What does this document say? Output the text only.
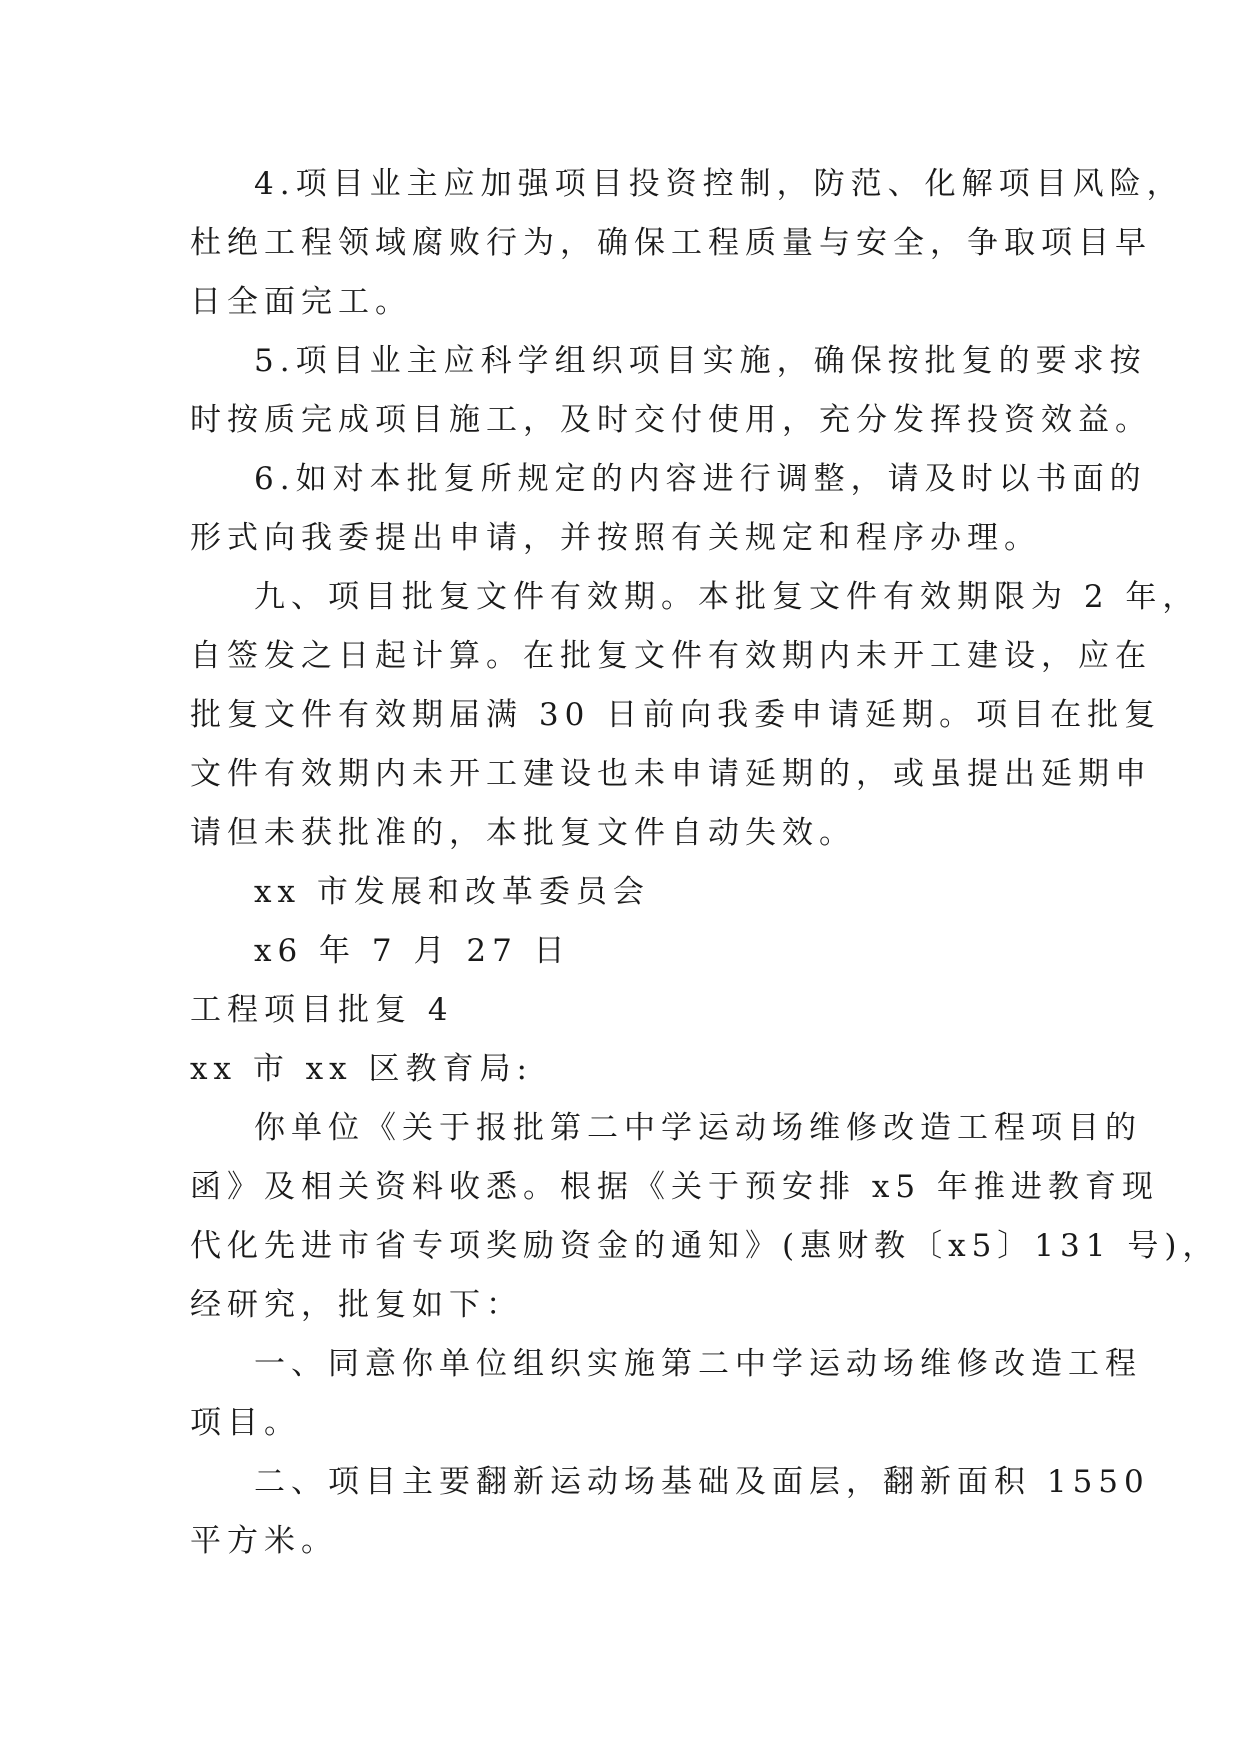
4.项目业主应加强项目投资控制，防范、化解项目风险，
杜绝工程领域腐败行为，确保工程质量与安全，争取项目早
日全面完工。
5.项目业主应科学组织项目实施，确保按批复的要求按
时按质完成项目施工，及时交付使用，充分发挥投资效益。
6.如对本批复所规定的内容进行调整，请及时以书面的
形式向我委提出申请，并按照有关规定和程序办理。
九、项目批复文件有效期。本批复文件有效期限为 2 年，
自签发之日起计算。在批复文件有效期内未开工建设，应在
批复文件有效期届满 30 日前向我委申请延期。项目在批复
文件有效期内未开工建设也未申请延期的，或虽提出延期申
请但未获批准的，本批复文件自动失效。
xx 市发展和改革委员会
x6 年 7 月 27 日
工程项目批复 4
xx 市 xx 区教育局:
你单位《关于报批第二中学运动场维修改造工程项目的
函》及相关资料收悉。根据《关于预安排 x5 年推进教育现
代化先进市省专项奖励资金的通知》(惠财教〔x5〕131 号)，
经研究，批复如下：
一、同意你单位组织实施第二中学运动场维修改造工程
项目。
二、项目主要翻新运动场基础及面层，翻新面积 1550
平方米。
